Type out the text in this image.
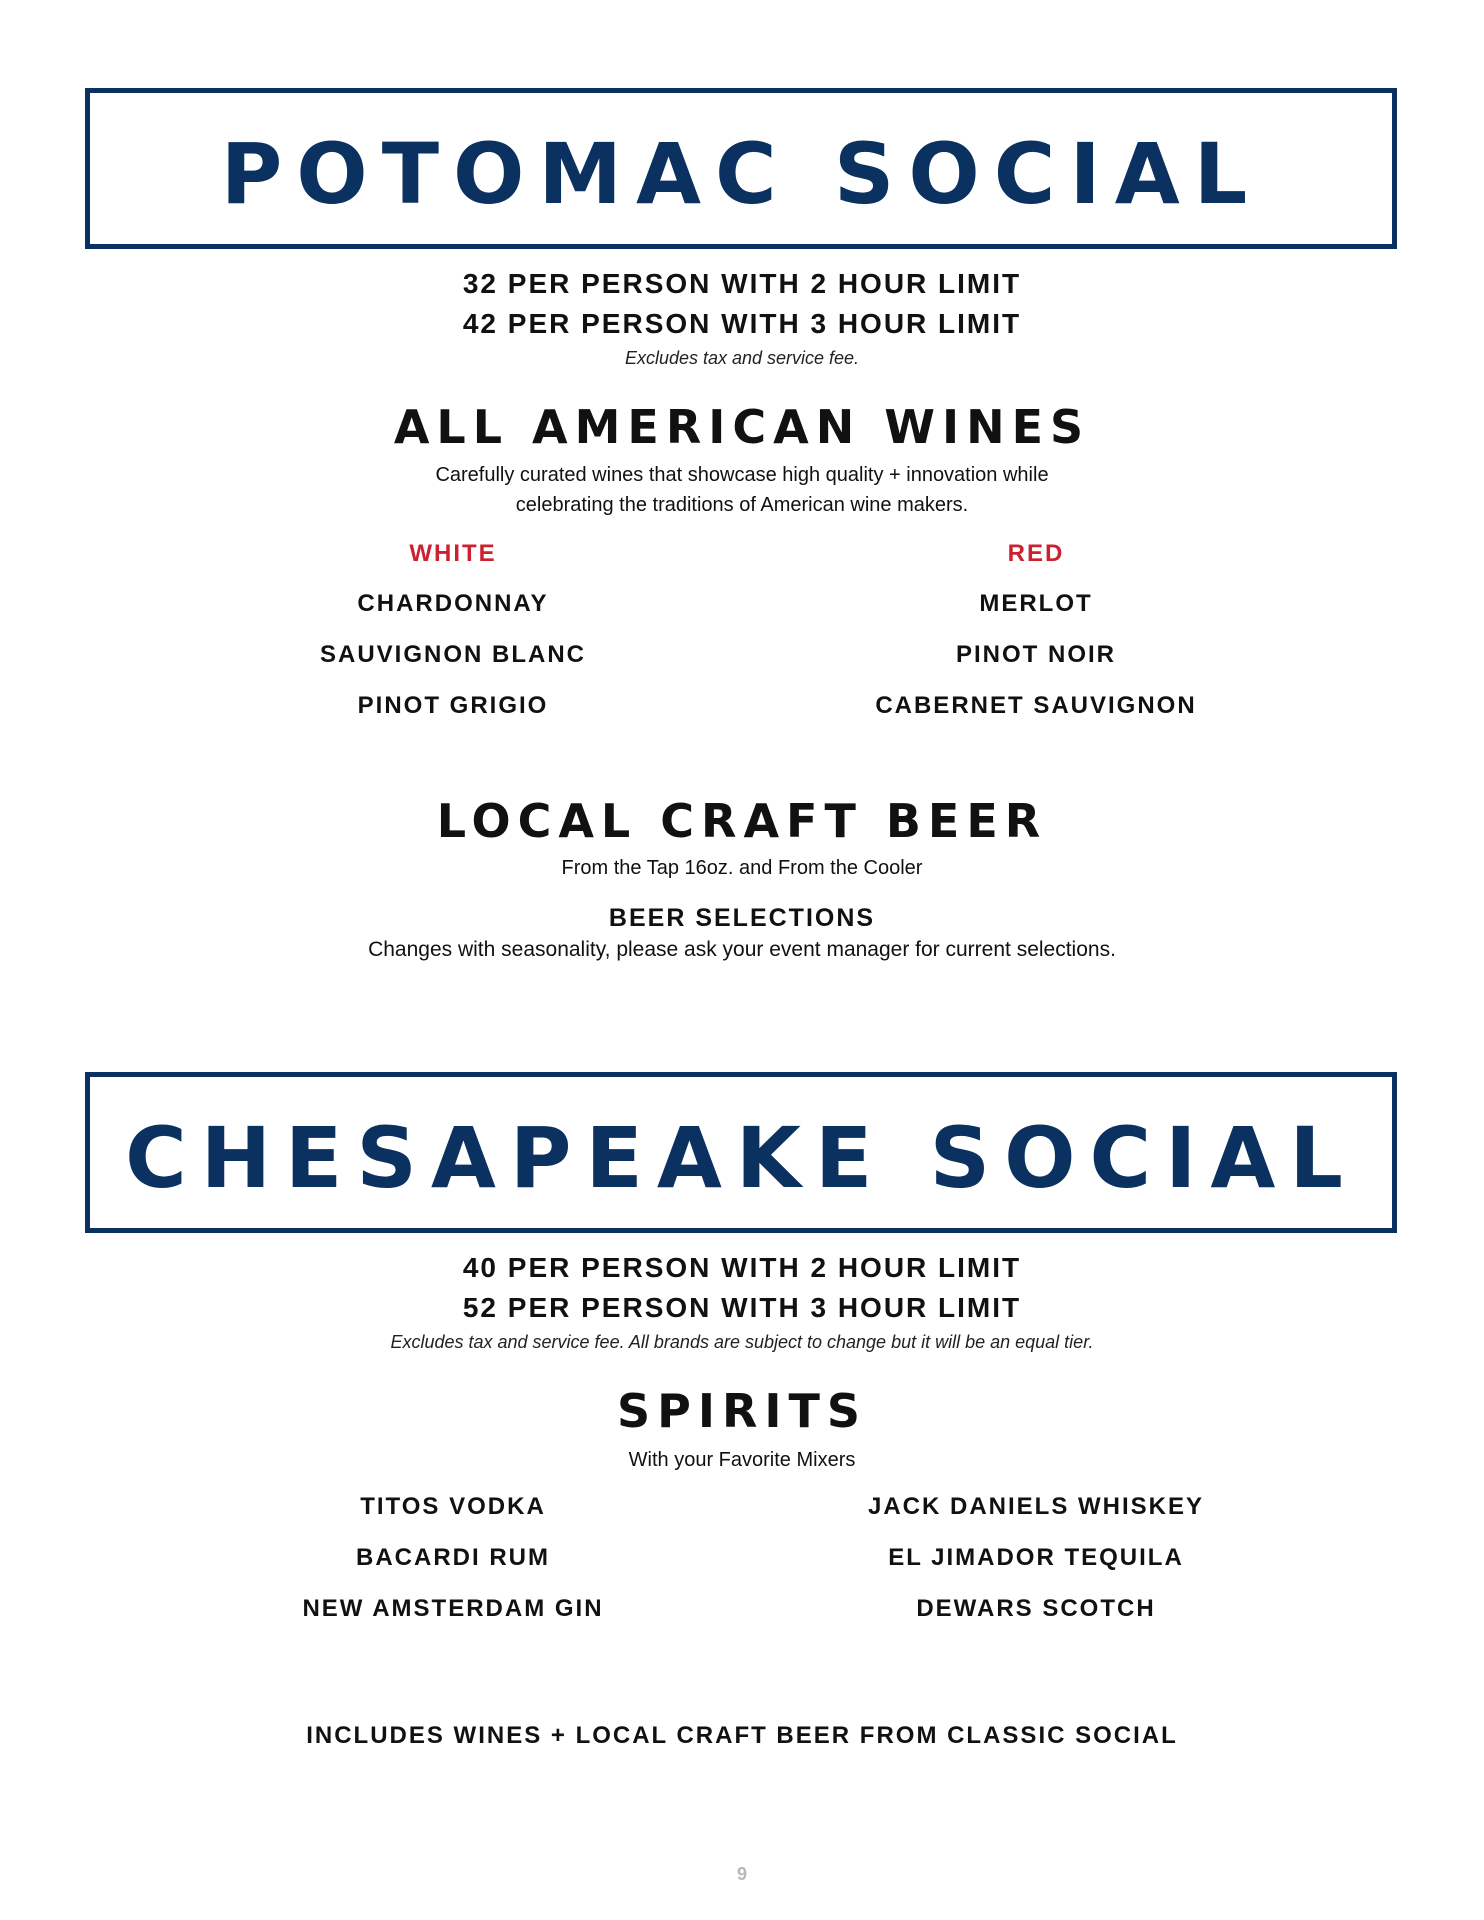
POTOMAC SOCIAL
32 PER PERSON WITH 2 HOUR LIMIT
42 PER PERSON WITH 3 HOUR LIMIT
Excludes tax and service fee.
ALL AMERICAN WINES
Carefully curated wines that showcase high quality + innovation while
celebrating the traditions of American wine makers.
WHITE
CHARDONNAY
SAUVIGNON BLANC
PINOT GRIGIO
RED
MERLOT
PINOT NOIR
CABERNET SAUVIGNON
LOCAL CRAFT BEER
From the Tap 16oz. and From the Cooler
BEER SELECTIONS
Changes with seasonality, please ask your event manager for current selections.
CHESAPEAKE SOCIAL
40 PER PERSON WITH 2 HOUR LIMIT
52 PER PERSON WITH 3 HOUR LIMIT
Excludes tax and service fee. All brands are subject to change but it will be an equal tier.
SPIRITS
With your Favorite Mixers
TITOS VODKA
BACARDI RUM
NEW AMSTERDAM GIN
JACK DANIELS WHISKEY
EL JIMADOR TEQUILA
DEWARS SCOTCH
INCLUDES WINES + LOCAL CRAFT BEER FROM CLASSIC SOCIAL
9
